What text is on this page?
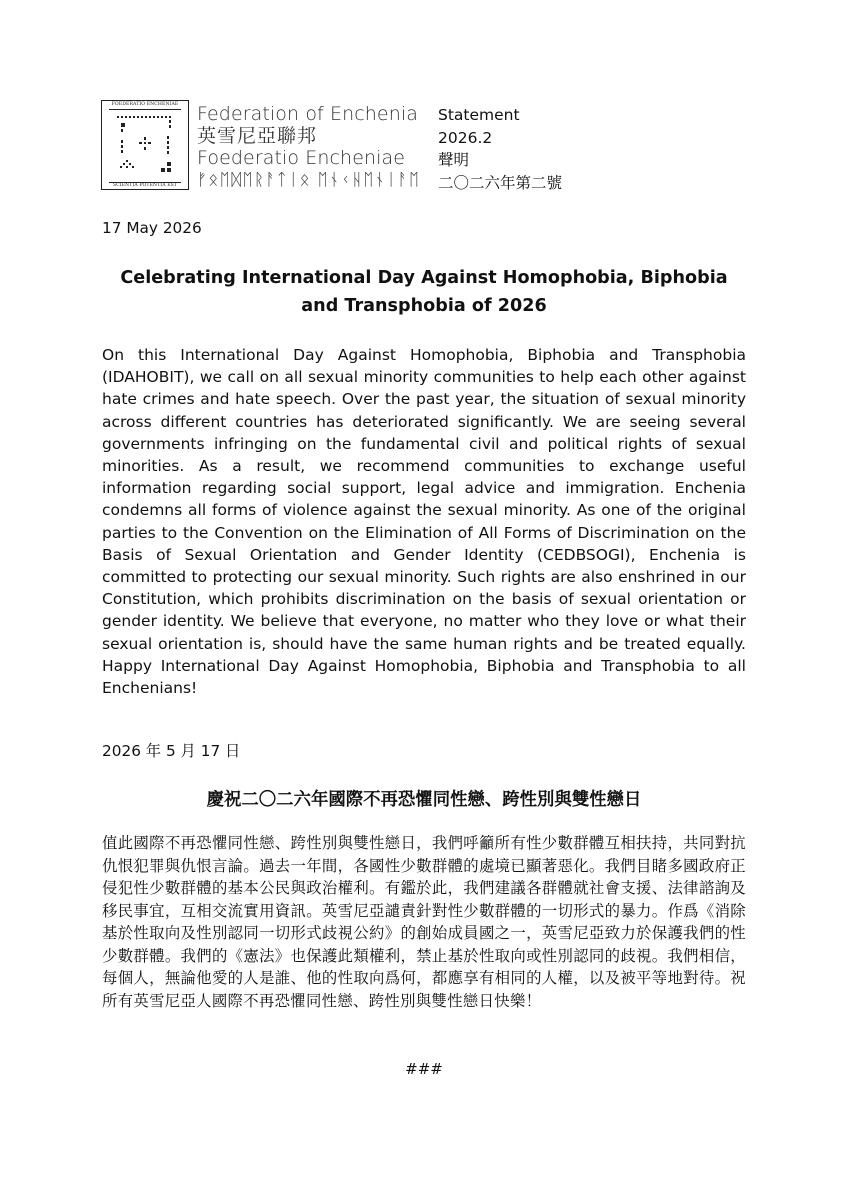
FOEDERATIO ENCHENIAE
SCIENTIA POTENTIA EST
Federation of Enchenia
英雪尼亞聯邦
Foederatio Encheniae
ᚠᛟᛖᛞᛖᚱᚨᛏᛁᛟ ᛖᚾᚲᚺᛖᚾᛁᚨᛖ
Statement
2026.2
聲明
二〇二六年第二號
17 May 2026
Celebrating International Day Against Homophobia, Biphobia
and Transphobia of 2026
On this International Day Against Homophobia, Biphobia and Transphobia (IDAHOBIT), we call on all sexual minority communities to help each other against hate crimes and hate speech. Over the past year, the situation of sexual minority across different countries has deteriorated significantly. We are seeing several governments infringing on the fundamental civil and political rights of sexual minorities. As a result, we recommend communities to exchange useful information regarding social support, legal advice and immigration. Enchenia condemns all forms of violence against the sexual minority. As one of the original parties to the Convention on the Elimination of All Forms of Discrimination on the Basis of Sexual Orientation and Gender Identity (CEDBSOGI), Enchenia is committed to protecting our sexual minority. Such rights are also enshrined in our Constitution, which prohibits discrimination on the basis of sexual orientation or gender identity. We believe that everyone, no matter who they love or what their sexual orientation is, should have the same human rights and be treated equally. Happy International Day Against Homophobia, Biphobia and Transphobia to all Enchenians!
2026 年 5 月 17 日
慶祝二〇二六年國際不再恐懼同性戀、跨性別與雙性戀日
值此國際不再恐懼同性戀、跨性別與雙性戀日，我們呼籲所有性少數群體互相扶持，共同對抗仇恨犯罪與仇恨言論。過去一年間，各國性少數群體的處境已顯著惡化。我們目睹多國政府正侵犯性少數群體的基本公民與政治權利。有鑑於此，我們建議各群體就社會支援、法律諮詢及移民事宜，互相交流實用資訊。英雪尼亞譴責針對性少數群體的一切形式的暴力。作爲《消除基於性取向及性別認同一切形式歧視公約》的創始成員國之一，英雪尼亞致力於保護我們的性少數群體。我們的《憲法》也保護此類權利，禁止基於性取向或性別認同的歧視。我們相信，每個人，無論他愛的人是誰、他的性取向爲何，都應享有相同的人權，以及被平等地對待。祝所有英雪尼亞人國際不再恐懼同性戀、跨性別與雙性戀日快樂！
###
